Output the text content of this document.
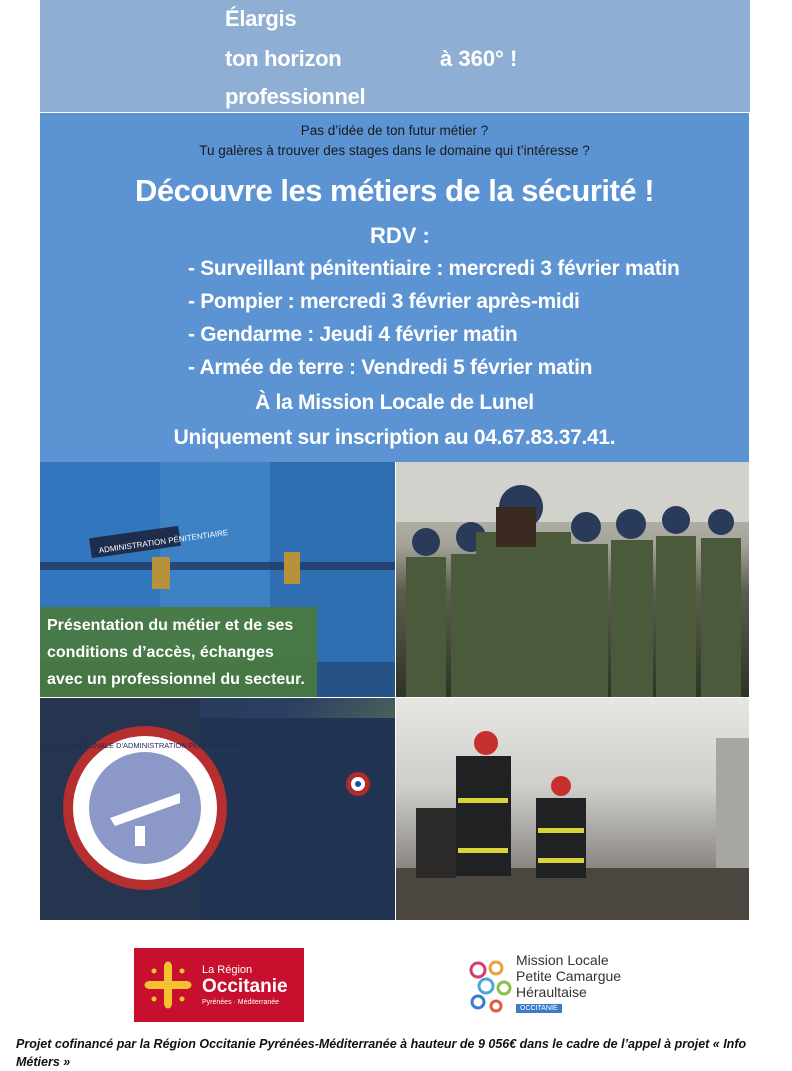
Élargis
ton horizon
professionnel
à 360° !
Pas d’idée de ton futur métier ?
Tu galères à trouver des stages dans le domaine qui t’intéresse ?
Découvre les métiers de la sécurité !
RDV :
- Surveillant pénitentiaire : mercredi 3 février matin
- Pompier : mercredi 3 février après-midi
- Gendarme : Jeudi 4 février matin
- Armée de terre : Vendredi 5 février matin
À la Mission Locale de Lunel
Uniquement sur inscription au 04.67.83.37.41.
ADMINISTRATION PÉNITENTIAIRE
Présentation du métier et de ses
conditions d’accès, échanges
avec un professionnel du secteur.
ÉCOLE NATIONALE D'ADMINISTRATION PÉNITENTIAIRE
La Région
Occitanie
Pyrénées · Méditerranée
Mission Locale
Petite Camargue
Héraultaise
OCCITANIE
Projet cofinancé par la Région Occitanie Pyrénées-Méditerranée à hauteur de 9 056€ dans le cadre de l’appel à projet « Info Métiers »
